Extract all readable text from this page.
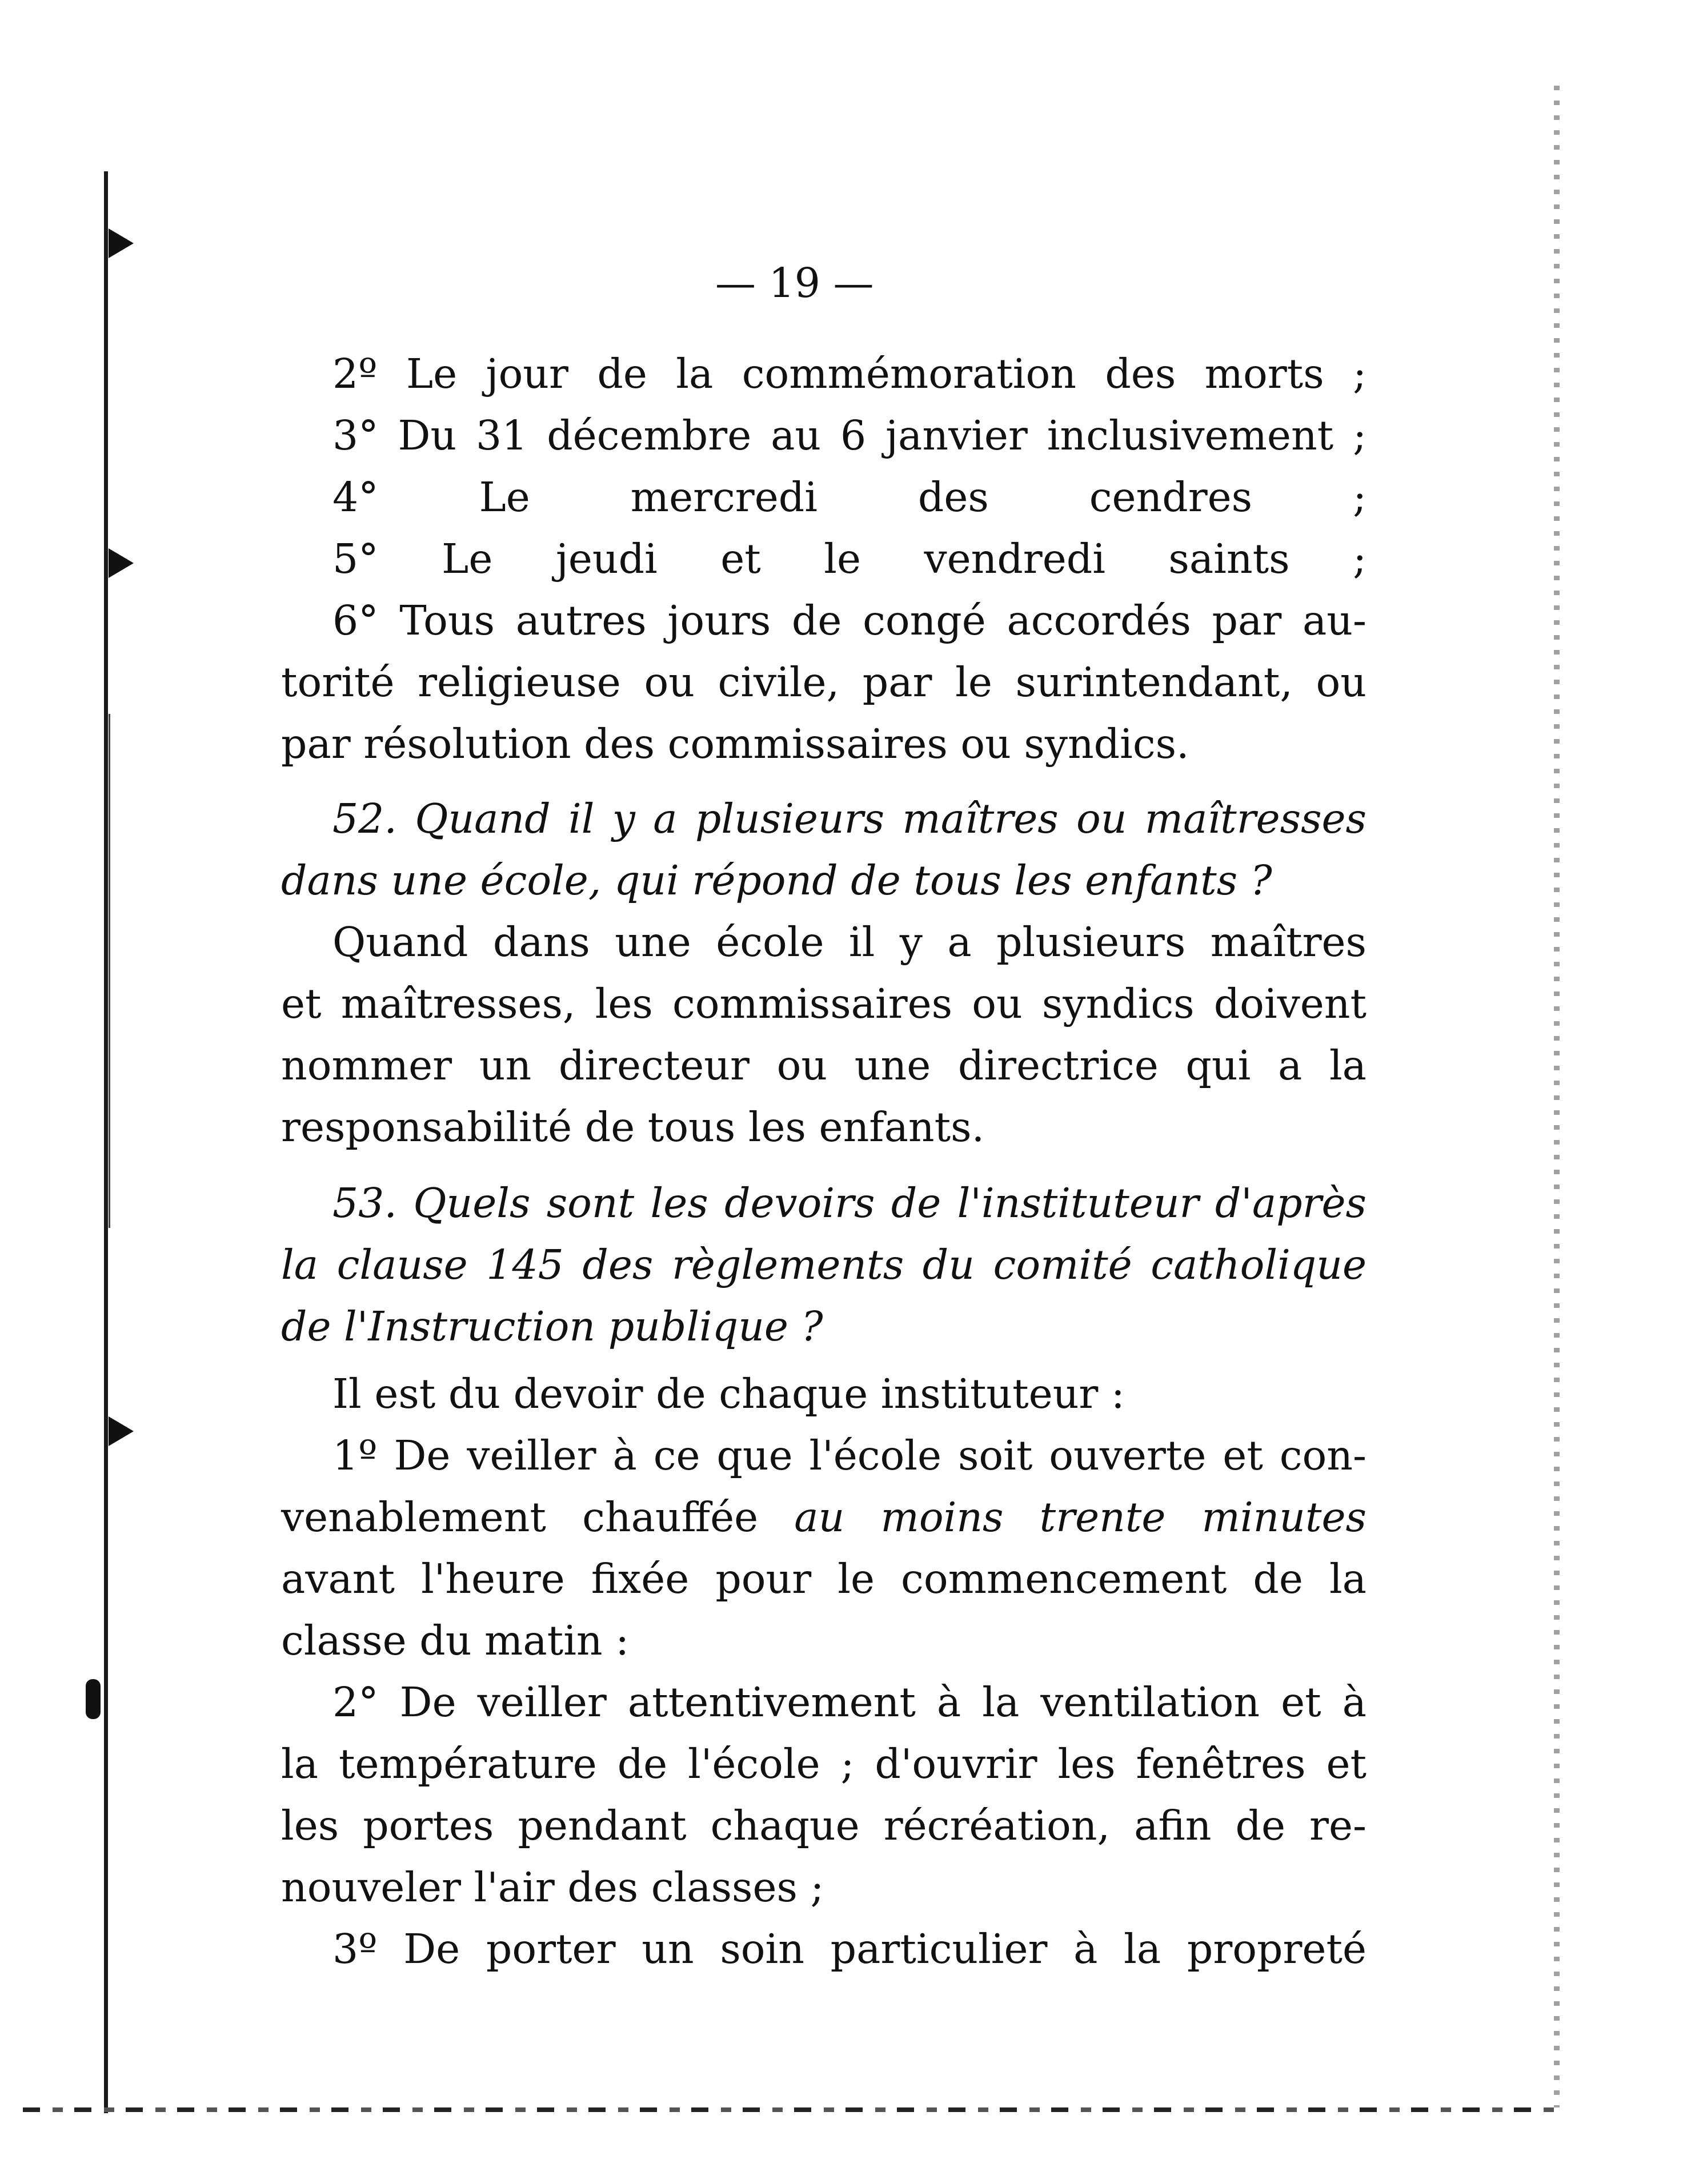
— 19 —
2º Le jour de la commémoration des morts ;
3° Du 31 décembre au 6 janvier inclusivement ;
4° Le mercredi des cendres ;
5° Le jeudi et le vendredi saints ;
6° Tous autres jours de congé accordés par au-
torité religieuse ou civile, par le surintendant, ou
par résolution des commissaires ou syndics.
52. Quand il y a plusieurs maîtres ou maîtresses
dans une école, qui répond de tous les enfants ?
Quand dans une école il y a plusieurs maîtres
et maîtresses, les commissaires ou syndics doivent
nommer un directeur ou une directrice qui a la
responsabilité de tous les enfants.
53. Quels sont les devoirs de l'instituteur d'après
la clause 145 des règlements du comité catholique
de l'Instruction publique ?
Il est du devoir de chaque instituteur :
1º De veiller à ce que l'école soit ouverte et con-
venablement chauffée au moins trente minutes
avant l'heure fixée pour le commencement de la
classe du matin :
2° De veiller attentivement à la ventilation et à
la température de l'école ; d'ouvrir les fenêtres et
les portes pendant chaque récréation, afin de re-
nouveler l'air des classes ;
3º De porter un soin particulier à la propreté
